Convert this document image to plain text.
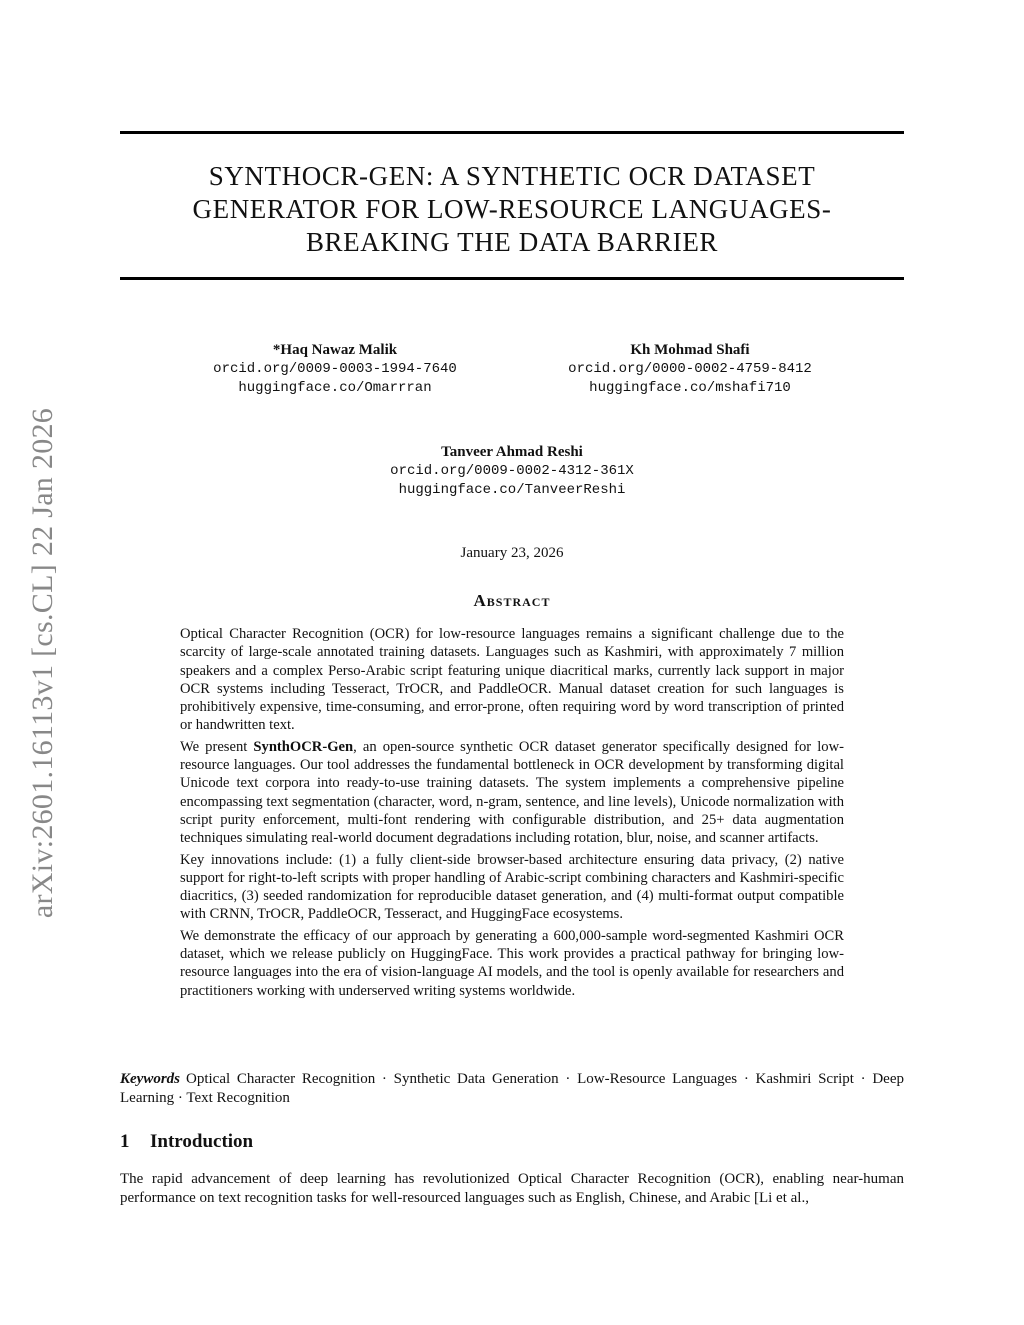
arXiv:2601.16113v1 [cs.CL] 22 Jan 2026
SYNTHOCR-GEN: A SYNTHETIC OCR DATASET
GENERATOR FOR LOW-RESOURCE LANGUAGES-
BREAKING THE DATA BARRIER
*Haq Nawaz Malik
orcid.org/0009-0003-1994-7640
huggingface.co/Omarrran
Kh Mohmad Shafi
orcid.org/0000-0002-4759-8412
huggingface.co/mshafi710
Tanveer Ahmad Reshi
orcid.org/0009-0002-4312-361X
huggingface.co/TanveerReshi
January 23, 2026
Abstract

Optical Character Recognition (OCR) for low-resource languages remains a significant challenge due to the scarcity of large-scale annotated training datasets. Languages such as Kashmiri, with approximately 7 million speakers and a complex Perso-Arabic script featuring unique diacritical marks, currently lack support in major OCR systems including Tesseract, TrOCR, and PaddleOCR. Manual dataset creation for such languages is prohibitively expensive, time-consuming, and error-prone, often requiring word by word transcription of printed or handwritten text.

We present SynthOCR-Gen, an open-source synthetic OCR dataset generator specifically designed for low-resource languages. Our tool addresses the fundamental bottleneck in OCR development by transforming digital Unicode text corpora into ready-to-use training datasets. The system implements a comprehensive pipeline encompassing text segmentation (character, word, n-gram, sentence, and line levels), Unicode normalization with script purity enforcement, multi-font rendering with configurable distribution, and 25+ data augmentation techniques simulating real-world document degradations including rotation, blur, noise, and scanner artifacts.

Key innovations include: (1) a fully client-side browser-based architecture ensuring data privacy, (2) native support for right-to-left scripts with proper handling of Arabic-script combining characters and Kashmiri-specific diacritics, (3) seeded randomization for reproducible dataset generation, and (4) multi-format output compatible with CRNN, TrOCR, PaddleOCR, Tesseract, and HuggingFace ecosystems.

We demonstrate the efficacy of our approach by generating a 600,000-sample word-segmented Kashmiri OCR dataset, which we release publicly on HuggingFace. This work provides a practical pathway for bringing low-resource languages into the era of vision-language AI models, and the tool is openly available for researchers and practitioners working with underserved writing systems worldwide.

Keywords Optical Character Recognition · Synthetic Data Generation · Low-Resource Languages · Kashmiri Script · Deep Learning · Text Recognition
1 Introduction

The rapid advancement of deep learning has revolutionized Optical Character Recognition (OCR), enabling near-human performance on text recognition tasks for well-resourced languages such as English, Chinese, and Arabic [Li et al.,
